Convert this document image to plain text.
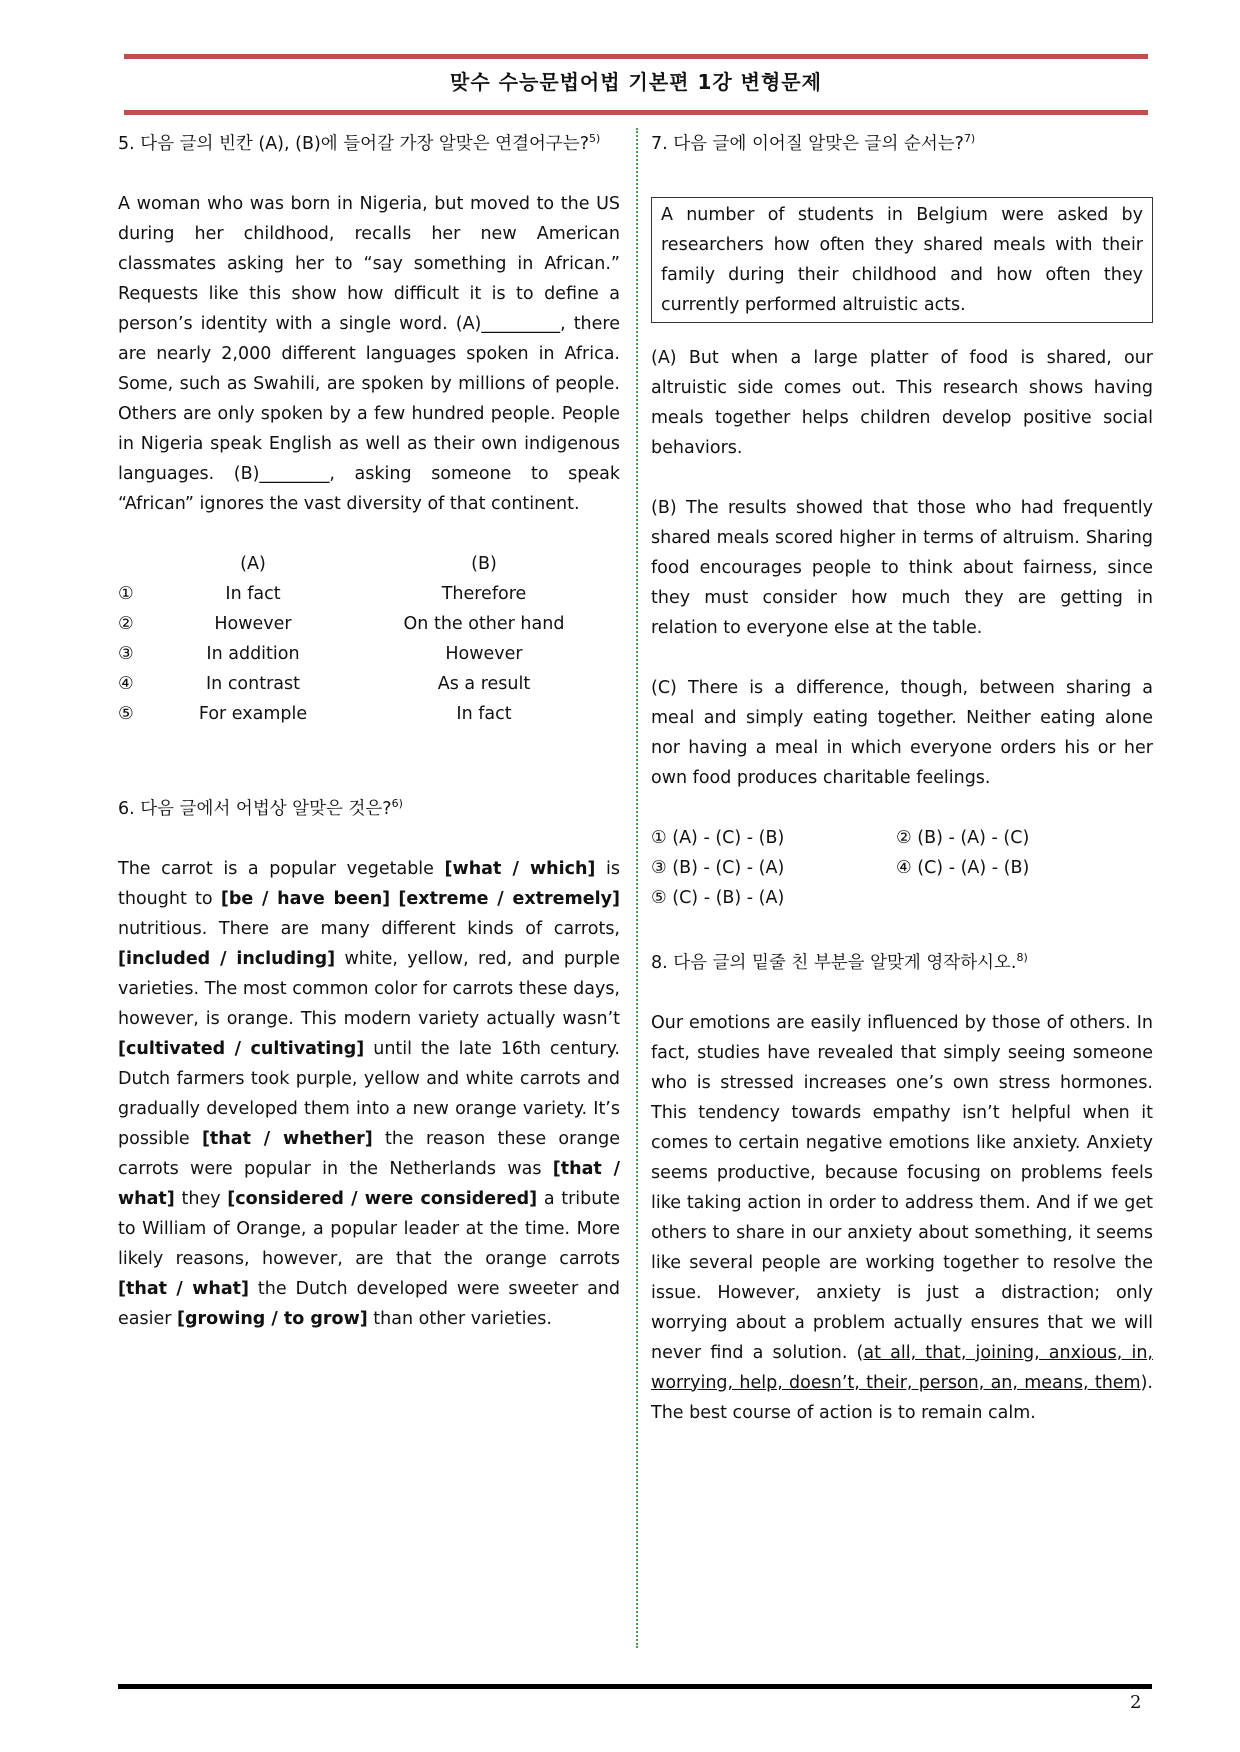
맞수 수능문법어법 기본편 1강 변형문제

5. 다음 글의 빈칸 (A), (B)에 들어갈 가장 알맞은 연결어구는?$^{5)}$

A woman who was born in Nigeria, but moved to the US during her childhood, recalls her new American classmates asking her to “say something in African.” Requests like this show how difficult it is to define a person’s identity with a single word. (A)_________, there are nearly 2,000 different languages spoken in Africa. Some, such as Swahili, are spoken by millions of people. Others are only spoken by a few hundred people. People in Nigeria speak English as well as their own indigenous languages. (B)________, asking someone to speak “African” ignores the vast diversity of that continent.

	(A)	(B)
①	In fact	Therefore
②	However	On the other hand
③	In addition	However
④	In contrast	As a result
⑤	For example	In fact

6. 다음 글에서 어법상 알맞은 것은?$^{6)}$

The carrot is a popular vegetable [what / which] is thought to [be / have been] [extreme / extremely] nutritious. There are many different kinds of carrots, [included / including] white, yellow, red, and purple varieties. The most common color for carrots these days, however, is orange. This modern variety actually wasn’t [cultivated / cultivating] until the late 16th century. Dutch farmers took purple, yellow and white carrots and gradually developed them into a new orange variety. It’s possible [that / whether] the reason these orange carrots were popular in the Netherlands was [that / what] they [considered / were considered] a tribute to William of Orange, a popular leader at the time. More likely reasons, however, are that the orange carrots [that / what] the Dutch developed were sweeter and easier [growing / to grow] than other varieties.

7. 다음 글에 이어질 알맞은 글의 순서는?$^{7)}$

A number of students in Belgium were asked by researchers how often they shared meals with their family during their childhood and how often they currently performed altruistic acts.

(A) But when a large platter of food is shared, our altruistic side comes out. This research shows having meals together helps children develop positive social behaviors.

(B) The results showed that those who had frequently shared meals scored higher in terms of altruism. Sharing food encourages people to think about fairness, since they must consider how much they are getting in relation to everyone else at the table.

(C) There is a difference, though, between sharing a meal and simply eating together. Neither eating alone nor having a meal in which everyone orders his or her own food produces charitable feelings.

① (A) - (C) - (B)	② (B) - (A) - (C)
③ (B) - (C) - (A)	④ (C) - (A) - (B)
⑤ (C) - (B) - (A)

8. 다음 글의 밑줄 친 부분을 알맞게 영작하시오.$^{8)}$

Our emotions are easily influenced by those of others. In fact, studies have revealed that simply seeing someone who is stressed increases one’s own stress hormones. This tendency towards empathy isn’t helpful when it comes to certain negative emotions like anxiety. Anxiety seems productive, because focusing on problems feels like taking action in order to address them. And if we get others to share in our anxiety about something, it seems like several people are working together to resolve the issue. However, anxiety is just a distraction; only worrying about a problem actually ensures that we will never find a solution. (at all, that, joining, anxious, in, worrying, help, doesn’t, their, person, an, means, them). The best course of action is to remain calm.

2
